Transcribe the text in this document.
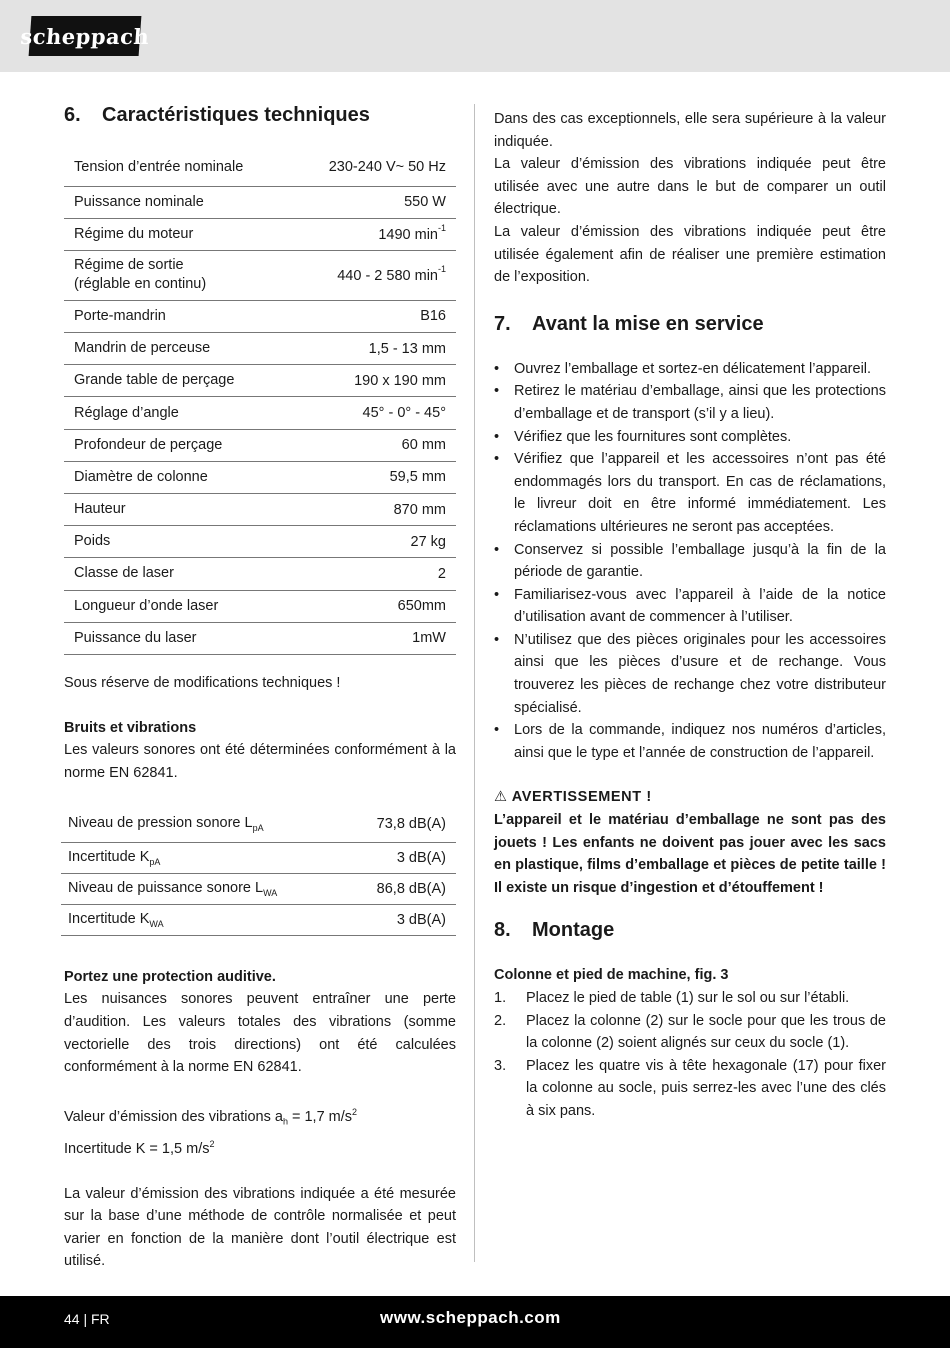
scheppach
6.	Caractéristiques techniques
Tension d’entrée nominale	230-240 V~ 50 Hz
Puissance nominale	550 W
Régime du moteur	1490 $\min^{-1}$
Régime de sortie
(réglable en continu)	440 - 2 580 $\min^{-1}$
Porte-mandrin	B16
Mandrin de perceuse	1,5 - 13 mm
Grande table de perçage	190 x 190 mm
Réglage d’angle	45° - 0° - 45°
Profondeur de perçage	60 mm
Diamètre de colonne	59,5 mm
Hauteur	870 mm
Poids	27 kg
Classe de laser	2
Longueur d’onde laser	650mm
Puissance du laser	1mW

Sous réserve de modifications techniques !

Bruits et vibrations

Les valeurs sonores ont été déterminées conformément à la norme EN 62841.

Niveau de pression sonore $L_{pA}$	73,8 dB(A)
Incertitude $K_{pA}$	3 dB(A)
Niveau de puissance sonore $L_{WA}$	86,8 dB(A)
Incertitude $K_{WA}$	3 dB(A)

Portez une protection auditive.

Les nuisances sonores peuvent entraîner une perte d’audition. Les valeurs totales des vibrations (somme vectorielle des trois directions) ont été calculées conformément à la norme EN 62841.

Valeur d’émission des vibrations $a_h = 1,7$ $m/s^2$

Incertitude K = 1,5 $m/s^2$

La valeur d’émission des vibrations indiquée a été mesurée sur la base d’une méthode de contrôle normalisée et peut varier en fonction de la manière dont l’outil électrique est utilisé.

Dans des cas exceptionnels, elle sera supérieure à la valeur indiquée.

La valeur d’émission des vibrations indiquée peut être utilisée avec une autre dans le but de comparer un outil électrique.

La valeur d’émission des vibrations indiquée peut être utilisée également afin de réaliser une première estimation de l’exposition.

7.	Avant la mise en service
• Ouvrez l’emballage et sortez-en délicatement l’appareil.
• Retirez le matériau d’emballage, ainsi que les protections d’emballage et de transport (s’il y a lieu).
• Vérifiez que les fournitures sont complètes.
• Vérifiez que l’appareil et les accessoires n’ont pas été endommagés lors du transport. En cas de réclamations, le livreur doit en être informé immédiatement. Les réclamations ultérieures ne seront pas acceptées.
• Conservez si possible l’emballage jusqu’à la fin de la période de garantie.
• Familiarisez-vous avec l’appareil à l’aide de la notice d’utilisation avant de commencer à l’utiliser.
• N’utilisez que des pièces originales pour les accessoires ainsi que les pièces d’usure et de rechange. Vous trouverez les pièces de rechange chez votre distributeur spécialisé.
• Lors de la commande, indiquez nos numéros d’articles, ainsi que le type et l’année de construction de l’appareil.

⚠ AVERTISSEMENT !

L’appareil et le matériau d’emballage ne sont pas des jouets ! Les enfants ne doivent pas jouer avec les sacs en plastique, films d’emballage et pièces de petite taille ! Il existe un risque d’ingestion et d’étouffement !

8.	Montage

Colonne et pied de machine, fig. 3

1. Placez le pied de table (1) sur le sol ou sur l’établi.
2. Placez la colonne (2) sur le socle pour que les trous de la colonne (2) soient alignés sur ceux du socle (1).
3. Placez les quatre vis à tête hexagonale (17) pour fixer la colonne au socle, puis serrez-les avec l’une des clés à six pans.
44 | FR	www.scheppach.com
